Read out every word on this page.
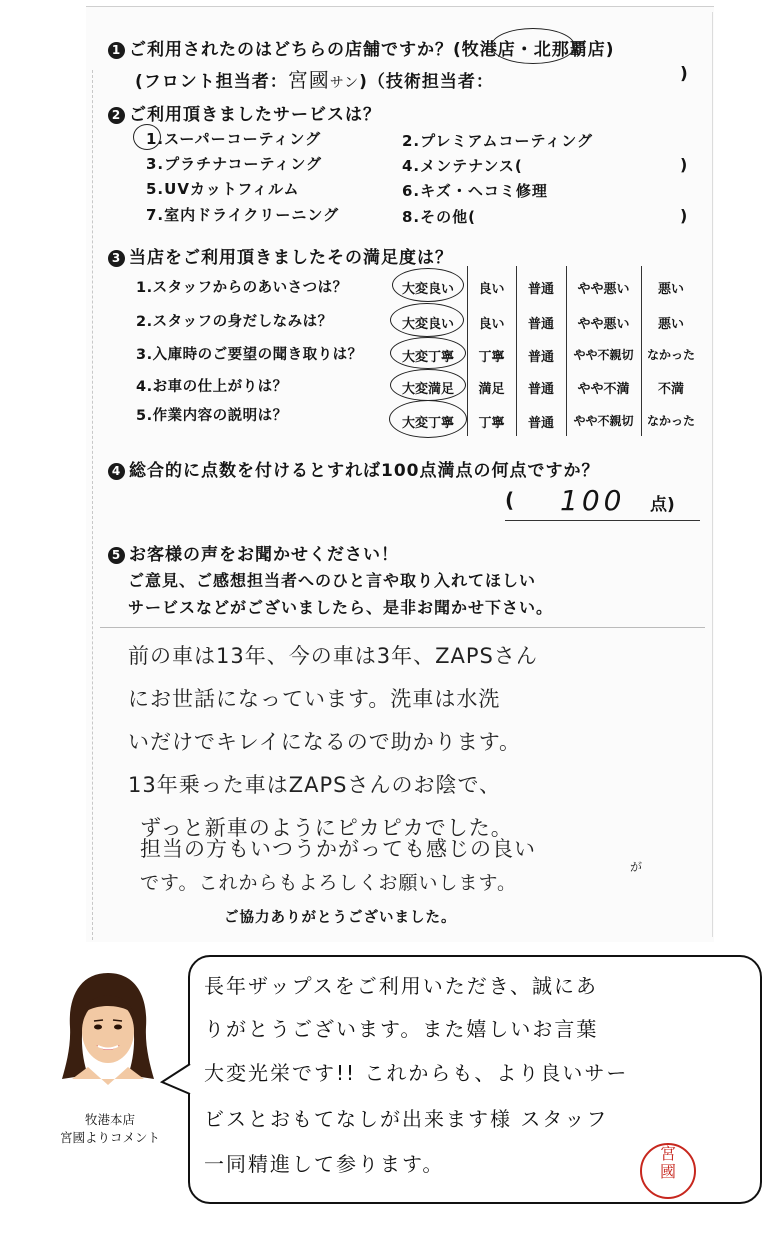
1 ご利用されたのはどちらの店舗ですか？(牧港店・北那覇店)
(フロント担当者：宮國サン)（技術担当者：	)
2 ご利用頂きましたサービスは？
1.スーパーコーティング	2.プレミアムコーティング
3.プラチナコーティング	4.メンテナンス(	)
5.UVカットフィルム	6.キズ・ヘコミ修理
7.室内ドライクリーニング	8.その他(	)
3 当店をご利用頂きましたその満足度は？
1.スタッフからのあいさつは？	大変良い	良い	普通	やや悪い	悪い
2.スタッフの身だしなみは？	大変良い	良い	普通	やや悪い	悪い
3.入庫時のご要望の聞き取りは？	大変丁寧	丁寧	普通	やや不親切	なかった
4.お車の仕上がりは？	大変満足	満足	普通	やや不満	不満
5.作業内容の説明は？	大変丁寧	丁寧	普通	やや不親切	なかった
4 総合的に点数を付けるとすれば100点満点の何点ですか？
( 100 点)
5 お客様の声をお聞かせください！
ご意見、ご感想担当者へのひと言や取り入れてほしい
サービスなどがございましたら、是非お聞かせ下さい。
前の車は13年、今の車は3年、ZAPSさん
にお世話になっています。洗車は水洗
いだけでキレイになるので助かります。
13年乗った車はZAPSさんのお陰で、
ずっと新車のようにピカピカでした。
担当の方もいつうかがっても感じの良い
です。これからもよろしくお願いします。
が
ご協力ありがとうございました。
牧港本店
宮國よりコメント
長年ザップスをご利用いただき、誠にあ
りがとうございます。また嬉しいお言葉
大変光栄です!! これからも、より良いサー
ビスとおもてなしが出来ます様 スタッフ
一同精進して参ります。	宮
國
